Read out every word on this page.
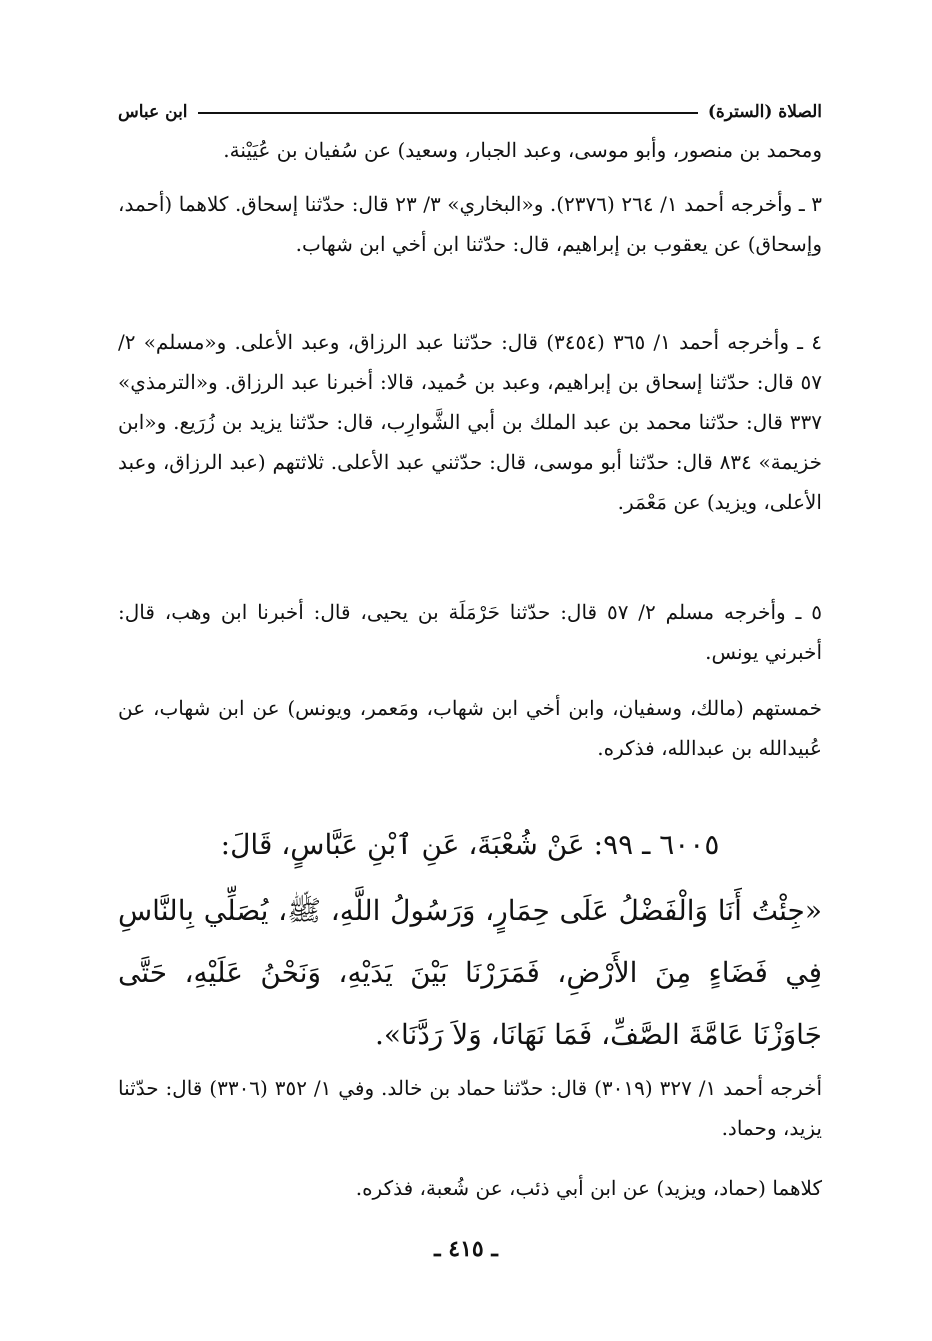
الصلاة (السترة)
ابن عباس

ومحمد بن منصور، وأبو موسى، وعبد الجبار، وسعيد) عن سُفيان بن عُيَيْنة.

٣ ـ وأخرجه أحمد ١/ ٢٦٤ (٢٣٧٦). و«البخاري» ٣/ ٢٣ قال: حدّثنا إسحاق. كلاهما (أحمد، وإسحاق) عن يعقوب بن إبراهيم، قال: حدّثنا ابن أخي ابن شهاب.

٤ ـ وأخرجه أحمد ١/ ٣٦٥ (٣٤٥٤) قال: حدّثنا عبد الرزاق، وعبد الأعلى. و«مسلم» ٢/ ٥٧ قال: حدّثنا إسحاق بن إبراهيم، وعبد بن حُميد، قالا: أخبرنا عبد الرزاق. و«الترمذي» ٣٣٧ قال: حدّثنا محمد بن عبد الملك بن أبي الشَّوارِب، قال: حدّثنا يزيد بن زُرَيع. و«ابن خزيمة» ٨٣٤ قال: حدّثنا أبو موسى، قال: حدّثني عبد الأعلى. ثلاثتهم (عبد الرزاق، وعبد الأعلى، ويزيد) عن مَعْمَر.

٥ ـ وأخرجه مسلم ٢/ ٥٧ قال: حدّثنا حَرْمَلَة بن يحيى، قال: أخبرنا ابن وهب، قال: أخبرني يونس.

خمستهم (مالك، وسفيان، وابن أخي ابن شهاب، ومَعمر، ويونس) عن ابن شهاب، عن عُبيدالله بن عبدالله، فذكره.

٦٠٠٥ ـ ٩٩: عَنْ شُعْبَةَ، عَنِ ٱبْنِ عَبَّاسٍ، قَالَ:

«جِئْتُ أَنَا وَالْفَضْلُ عَلَى حِمَارٍ، وَرَسُولُ اللَّهِ، ﷺ، يُصَلِّي بِالنَّاسِ فِي فَضَاءٍ مِنَ الأَرْضِ، فَمَرَرْنَا بَيْنَ يَدَيْهِ، وَنَحْنُ عَلَيْهِ، حَتَّى جَاوَزْنَا عَامَّةَ الصَّفِّ، فَمَا نَهَانَا، وَلاَ رَدَّنَا».

أخرجه أحمد ١/ ٣٢٧ (٣٠١٩) قال: حدّثنا حماد بن خالد. وفي ١/ ٣٥٢ (٣٣٠٦) قال: حدّثنا يزيد، وحماد.

كلاهما (حماد، ويزيد) عن ابن أبي ذئب، عن شُعبة، فذكره.

ـ ٤١٥ ـ
